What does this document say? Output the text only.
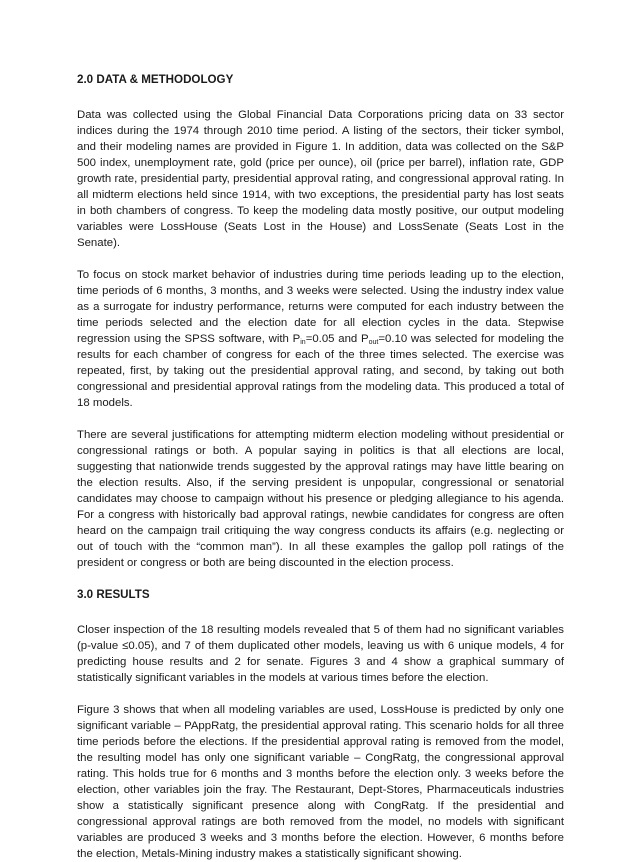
2.0 DATA & METHODOLOGY

Data was collected using the Global Financial Data Corporations pricing data on 33 sector indices during the 1974 through 2010 time period. A listing of the sectors, their ticker symbol, and their modeling names are provided in Figure 1. In addition, data was collected on the S&P 500 index, unemployment rate, gold (price per ounce), oil (price per barrel), inflation rate, GDP growth rate, presidential party, presidential approval rating, and congressional approval rating. In all midterm elections held since 1914, with two exceptions, the presidential party has lost seats in both chambers of congress. To keep the modeling data mostly positive, our output modeling variables were LossHouse (Seats Lost in the House) and LossSenate (Seats Lost in the Senate).

To focus on stock market behavior of industries during time periods leading up to the election, time periods of 6 months, 3 months, and 3 weeks were selected. Using the industry index value as a surrogate for industry performance, returns were computed for each industry between the time periods selected and the election date for all election cycles in the data. Stepwise regression using the SPSS software, with $P_{in}=0.05$ and $P_{out}=0.10$ was selected for modeling the results for each chamber of congress for each of the three times selected. The exercise was repeated, first, by taking out the presidential approval rating, and second, by taking out both congressional and presidential approval ratings from the modeling data. This produced a total of 18 models.

There are several justifications for attempting midterm election modeling without presidential or congressional ratings or both. A popular saying in politics is that all elections are local, suggesting that nationwide trends suggested by the approval ratings may have little bearing on the election results. Also, if the serving president is unpopular, congressional or senatorial candidates may choose to campaign without his presence or pledging allegiance to his agenda. For a congress with historically bad approval ratings, newbie candidates for congress are often heard on the campaign trail critiquing the way congress conducts its affairs (e.g. neglecting or out of touch with the “common man”). In all these examples the gallop poll ratings of the president or congress or both are being discounted in the election process.

3.0 RESULTS

Closer inspection of the 18 resulting models revealed that 5 of them had no significant variables (p-value ≤0.05), and 7 of them duplicated other models, leaving us with 6 unique models, 4 for predicting house results and 2 for senate. Figures 3 and 4 show a graphical summary of statistically significant variables in the models at various times before the election.

Figure 3 shows that when all modeling variables are used, LossHouse is predicted by only one significant variable – PAppRatg, the presidential approval rating. This scenario holds for all three time periods before the elections. If the presidential approval rating is removed from the model, the resulting model has only one significant variable – CongRatg, the congressional approval rating. This holds true for 6 months and 3 months before the election only. 3 weeks before the election, other variables join the fray. The Restaurant, Dept-Stores, Pharmaceuticals industries show a statistically significant presence along with CongRatg. If the presidential and congressional approval ratings are both removed from the model, no models with significant variables are produced 3 weeks and 3 months before the election. However, 6 months before the election, Metals-Mining industry makes a statistically significant showing.
